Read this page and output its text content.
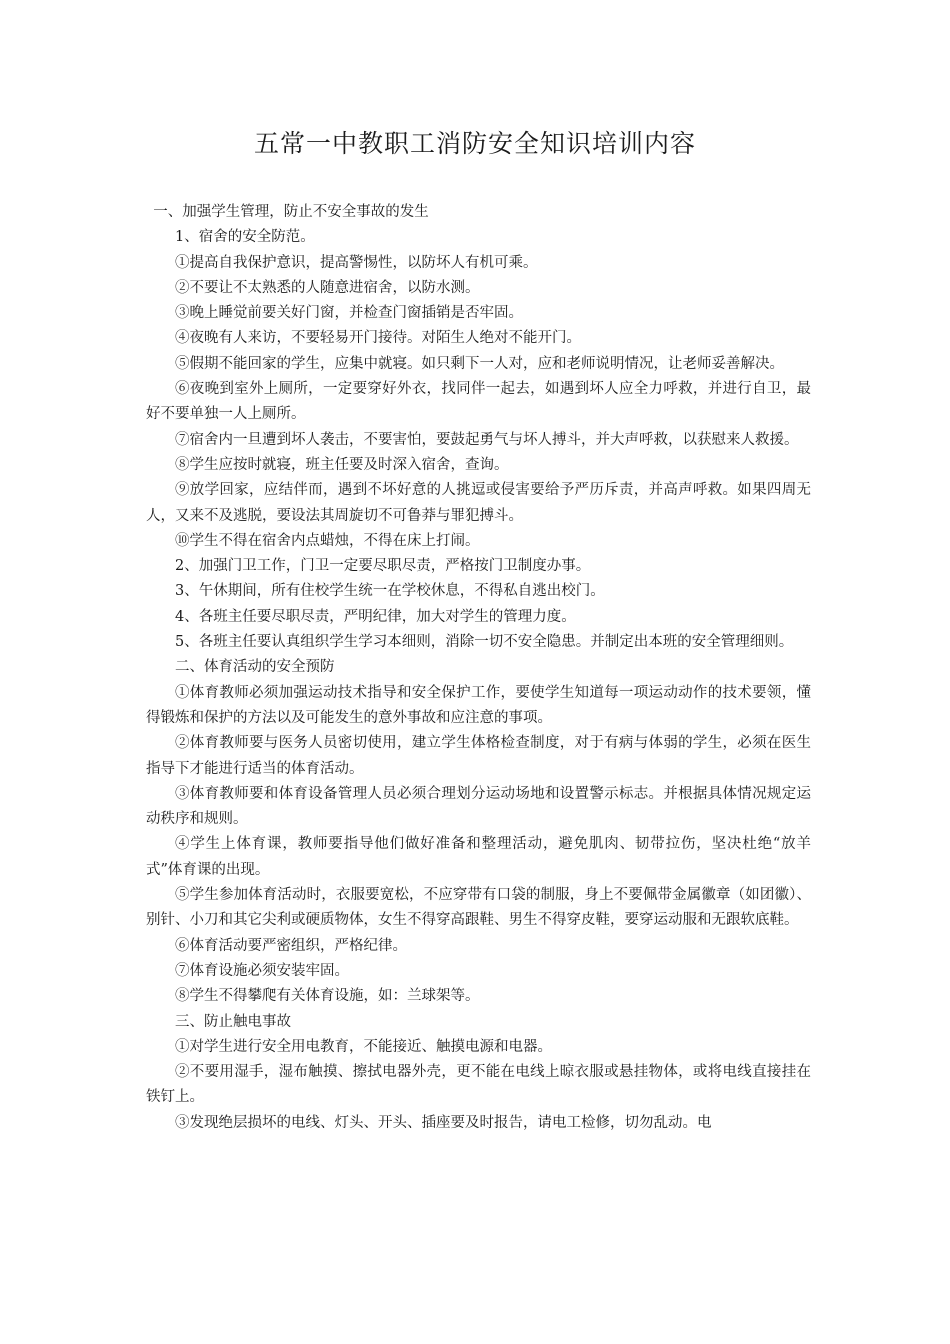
五常一中教职工消防安全知识培训内容

一、加强学生管理，防止不安全事故的发生

1、宿舍的安全防范。

①提高自我保护意识，提高警惕性，以防坏人有机可乘。

②不要让不太熟悉的人随意进宿舍，以防水测。

③晚上睡觉前要关好门窗，并检查门窗插销是否牢固。

④夜晚有人来访，不要轻易开门接待。对陌生人绝对不能开门。

⑤假期不能回家的学生，应集中就寝。如只剩下一人对，应和老师说明情况，让老师妥善解决。

⑥夜晚到室外上厕所，一定要穿好外衣，找同伴一起去，如遇到坏人应全力呼救，并进行自卫，最好不要单独一人上厕所。

⑦宿舍内一旦遭到坏人袭击，不要害怕，要鼓起勇气与坏人搏斗，并大声呼救，以获慰来人救援。

⑧学生应按时就寝，班主任要及时深入宿舍，查询。

⑨放学回家，应结伴而，遇到不坏好意的人挑逗或侵害要给予严历斥责，并高声呼救。如果四周无人，又来不及逃脱，要设法其周旋切不可鲁莽与罪犯搏斗。

⑩学生不得在宿舍内点蜡烛，不得在床上打闹。

2、加强门卫工作，门卫一定要尽职尽责，严格按门卫制度办事。

3、午休期间，所有住校学生统一在学校休息，不得私自逃出校门。

4、各班主任要尽职尽责，严明纪律，加大对学生的管理力度。

5、各班主任要认真组织学生学习本细则，消除一切不安全隐患。并制定出本班的安全管理细则。

二、体育活动的安全预防

①体育教师必须加强运动技术指导和安全保护工作，要使学生知道每一项运动动作的技术要领，懂得锻炼和保护的方法以及可能发生的意外事故和应注意的事项。

②体育教师要与医务人员密切使用，建立学生体格检查制度，对于有病与体弱的学生，必须在医生指导下才能进行适当的体育活动。

③体育教师要和体育设备管理人员必须合理划分运动场地和设置警示标志。并根据具体情况规定运动秩序和规则。

④学生上体育课，教师要指导他们做好准备和整理活动，避免肌肉、韧带拉伤，坚决杜绝“放羊式”体育课的出现。

⑤学生参加体育活动时，衣服要宽松，不应穿带有口袋的制服，身上不要佩带金属徽章（如团徽）、别针、小刀和其它尖利或硬质物体，女生不得穿高跟鞋、男生不得穿皮鞋，要穿运动服和无跟软底鞋。

⑥体育活动要严密组织，严格纪律。

⑦体育设施必须安装牢固。

⑧学生不得攀爬有关体育设施，如：兰球架等。

三、防止触电事故

①对学生进行安全用电教育，不能接近、触摸电源和电器。

②不要用湿手，湿布触摸、擦拭电器外壳，更不能在电线上晾衣服或悬挂物体，或将电线直接挂在铁钉上。

③发现绝层损坏的电线、灯头、开头、插座要及时报告，请电工检修，切勿乱动。电
